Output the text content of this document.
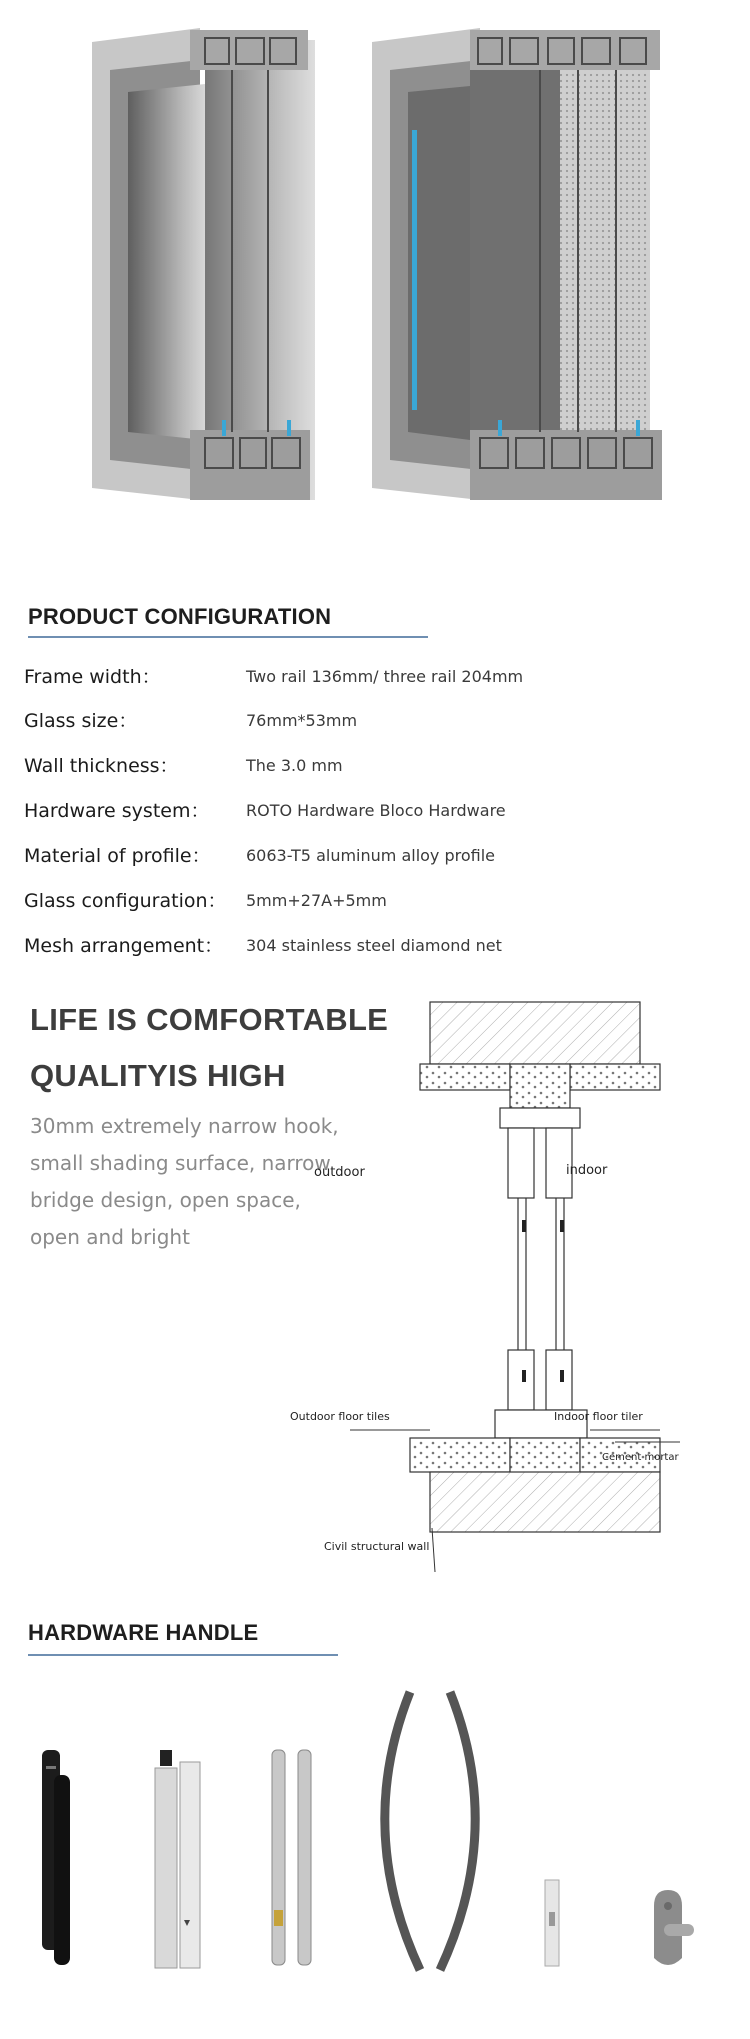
PRODUCT CONFIGURATION
Frame width：	Two rail 136mm/ three rail 204mm
Glass size：	76mm*53mm
Wall thickness：	The 3.0 mm
Hardware system： ROTO Hardware Bloco Hardware
Material of profile： 6063-T5 aluminum alloy profile
Glass configuration： 5mm+27A+5mm
Mesh arrangement： 304 stainless steel diamond net
LIFE IS COMFORTABLE
QUALITYIS HIGH
30mm extremely narrow hook,
small shading surface, narrow
bridge design, open space,
open and bright
outdoor	indoor
Outdoor floor tiles	Indoor floor tiler
Cement mortar
Civil structural wall
HARDWARE HANDLE
